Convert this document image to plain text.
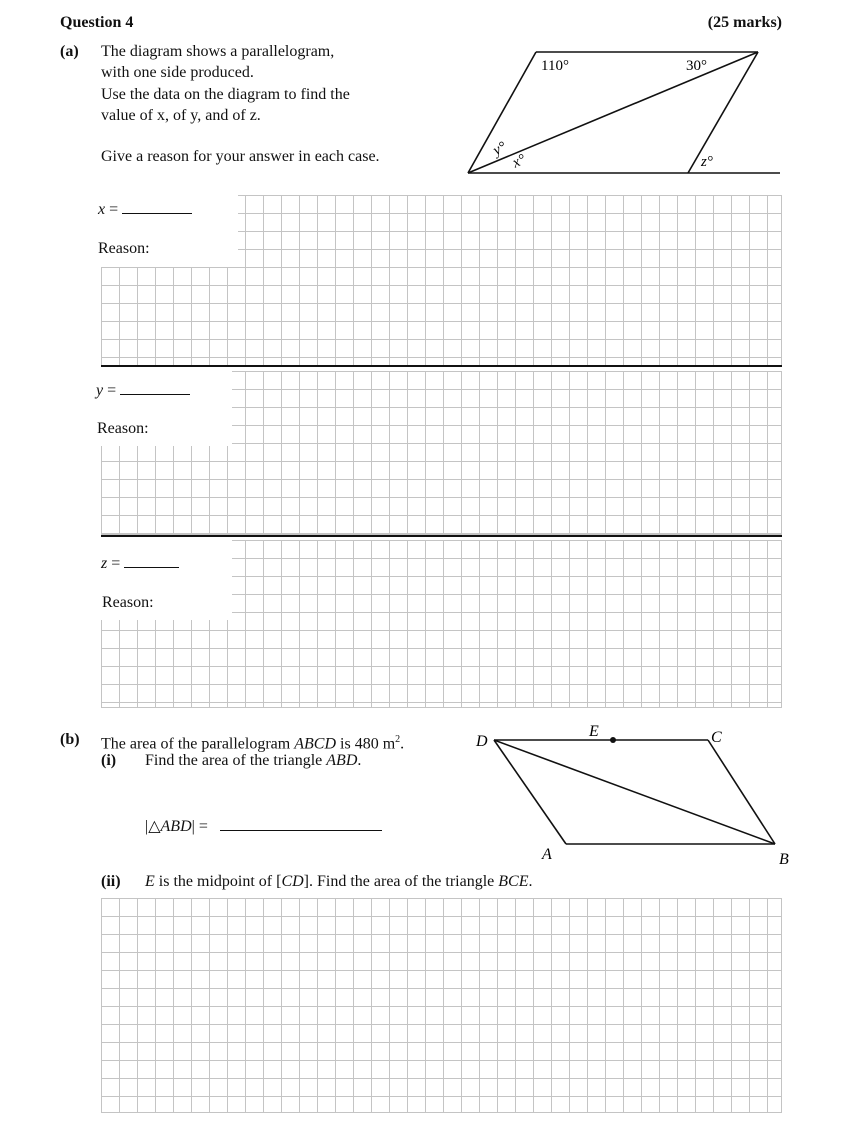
Question 4	(25 marks)
(a) The diagram shows a parallelogram,
with one side produced.
Use the data on the diagram to find the
value of x, of y, and of z.
Give a reason for your answer in each case.
110°	30°
y°
x°	z°
x =
Reason:
y =
Reason:
z =
Reason:
(b) The area of the parallelogram ABCD is 480 $m^2$.
(i) Find the area of the triangle ABD.
|△ABD| =
(ii) E is the midpoint of [CD]. Find the area of the triangle BCE.
D
E	C
A	B
